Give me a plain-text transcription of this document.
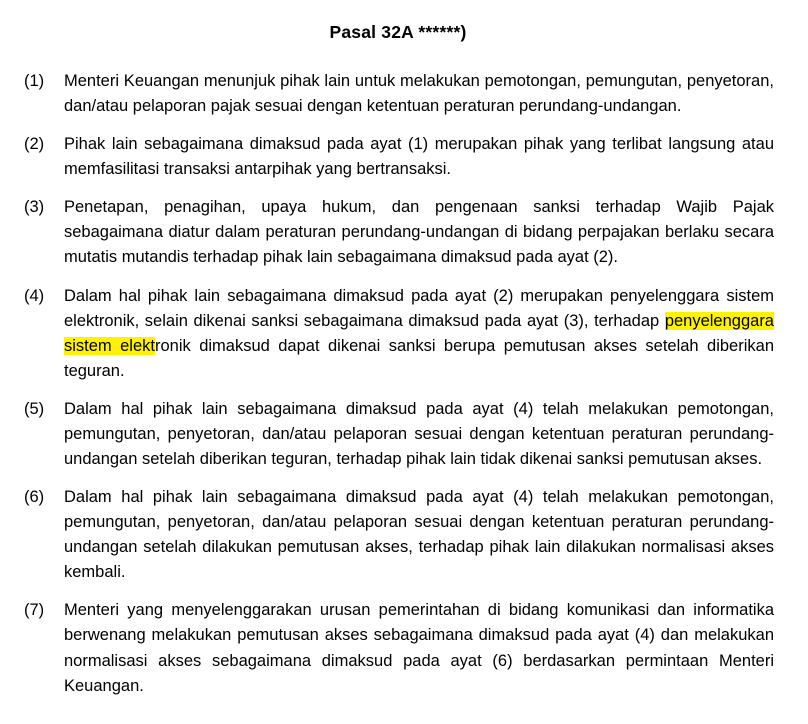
Pasal 32A ******)
(1)	Menteri Keuangan menunjuk pihak lain untuk melakukan pemotongan, pemungutan, penyetoran, dan/atau pelaporan pajak sesuai dengan ketentuan peraturan perundang-undangan.
(2)	Pihak lain sebagaimana dimaksud pada ayat (1) merupakan pihak yang terlibat langsung atau memfasilitasi transaksi antarpihak yang bertransaksi.
(3)	Penetapan, penagihan, upaya hukum, dan pengenaan sanksi terhadap Wajib Pajak sebagaimana diatur dalam peraturan perundang-undangan di bidang perpajakan berlaku secara mutatis mutandis terhadap pihak lain sebagaimana dimaksud pada ayat (2).
(4)	Dalam hal pihak lain sebagaimana dimaksud pada ayat (2) merupakan penyelenggara sistem elektronik, selain dikenai sanksi sebagaimana dimaksud pada ayat (3), terhadap penyelenggara sistem elektronik dimaksud dapat dikenai sanksi berupa pemutusan akses setelah diberikan teguran.
(5)	Dalam hal pihak lain sebagaimana dimaksud pada ayat (4) telah melakukan pemotongan, pemungutan, penyetoran, dan/atau pelaporan sesuai dengan ketentuan peraturan perundang-undangan setelah diberikan teguran, terhadap pihak lain tidak dikenai sanksi pemutusan akses.
(6)	Dalam hal pihak lain sebagaimana dimaksud pada ayat (4) telah melakukan pemotongan, pemungutan, penyetoran, dan/atau pelaporan sesuai dengan ketentuan peraturan perundang-undangan setelah dilakukan pemutusan akses, terhadap pihak lain dilakukan normalisasi akses kembali.
(7)	Menteri yang menyelenggarakan urusan pemerintahan di bidang komunikasi dan informatika berwenang melakukan pemutusan akses sebagaimana dimaksud pada ayat (4) dan melakukan normalisasi akses sebagaimana dimaksud pada ayat (6) berdasarkan permintaan Menteri Keuangan.
